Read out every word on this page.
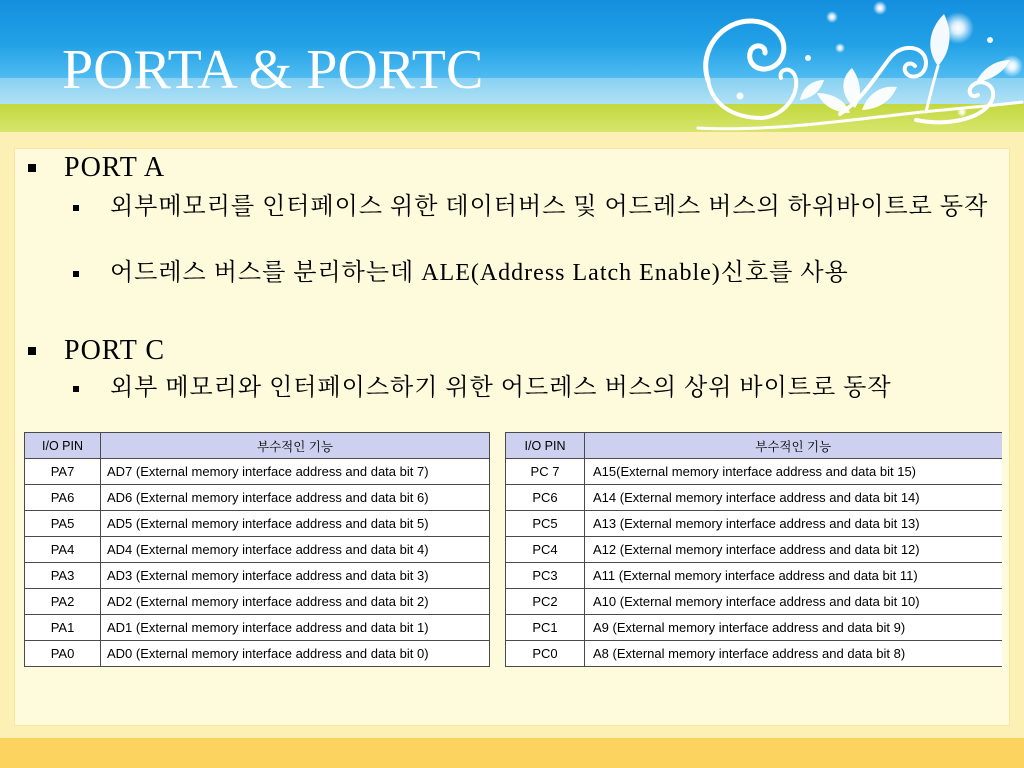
PORTA & PORTC
PORT A
외부메모리를 인터페이스 위한 데이터버스 및 어드레스 버스의 하위바이트로 동작
어드레스 버스를 분리하는데 ALE(Address Latch Enable)신호를 사용
PORT C
외부 메모리와 인터페이스하기 위한 어드레스 버스의 상위 바이트로 동작
I/O PIN	부수적인 기능
PA7	AD7 (External memory interface address and data bit 7)
PA6	AD6 (External memory interface address and data bit 6)
PA5	AD5 (External memory interface address and data bit 5)
PA4	AD4 (External memory interface address and data bit 4)
PA3	AD3 (External memory interface address and data bit 3)
PA2	AD2 (External memory interface address and data bit 2)
PA1	AD1 (External memory interface address and data bit 1)
PA0	AD0 (External memory interface address and data bit 0)
I/O PIN	부수적인 기능
PC 7	A15(External memory interface address and data bit 15)
PC6	A14 (External memory interface address and data bit 14)
PC5	A13 (External memory interface address and data bit 13)
PC4	A12 (External memory interface address and data bit 12)
PC3	A11 (External memory interface address and data bit 11)
PC2	A10 (External memory interface address and data bit 10)
PC1	A9 (External memory interface address and data bit 9)
PC0	A8 (External memory interface address and data bit 8)
